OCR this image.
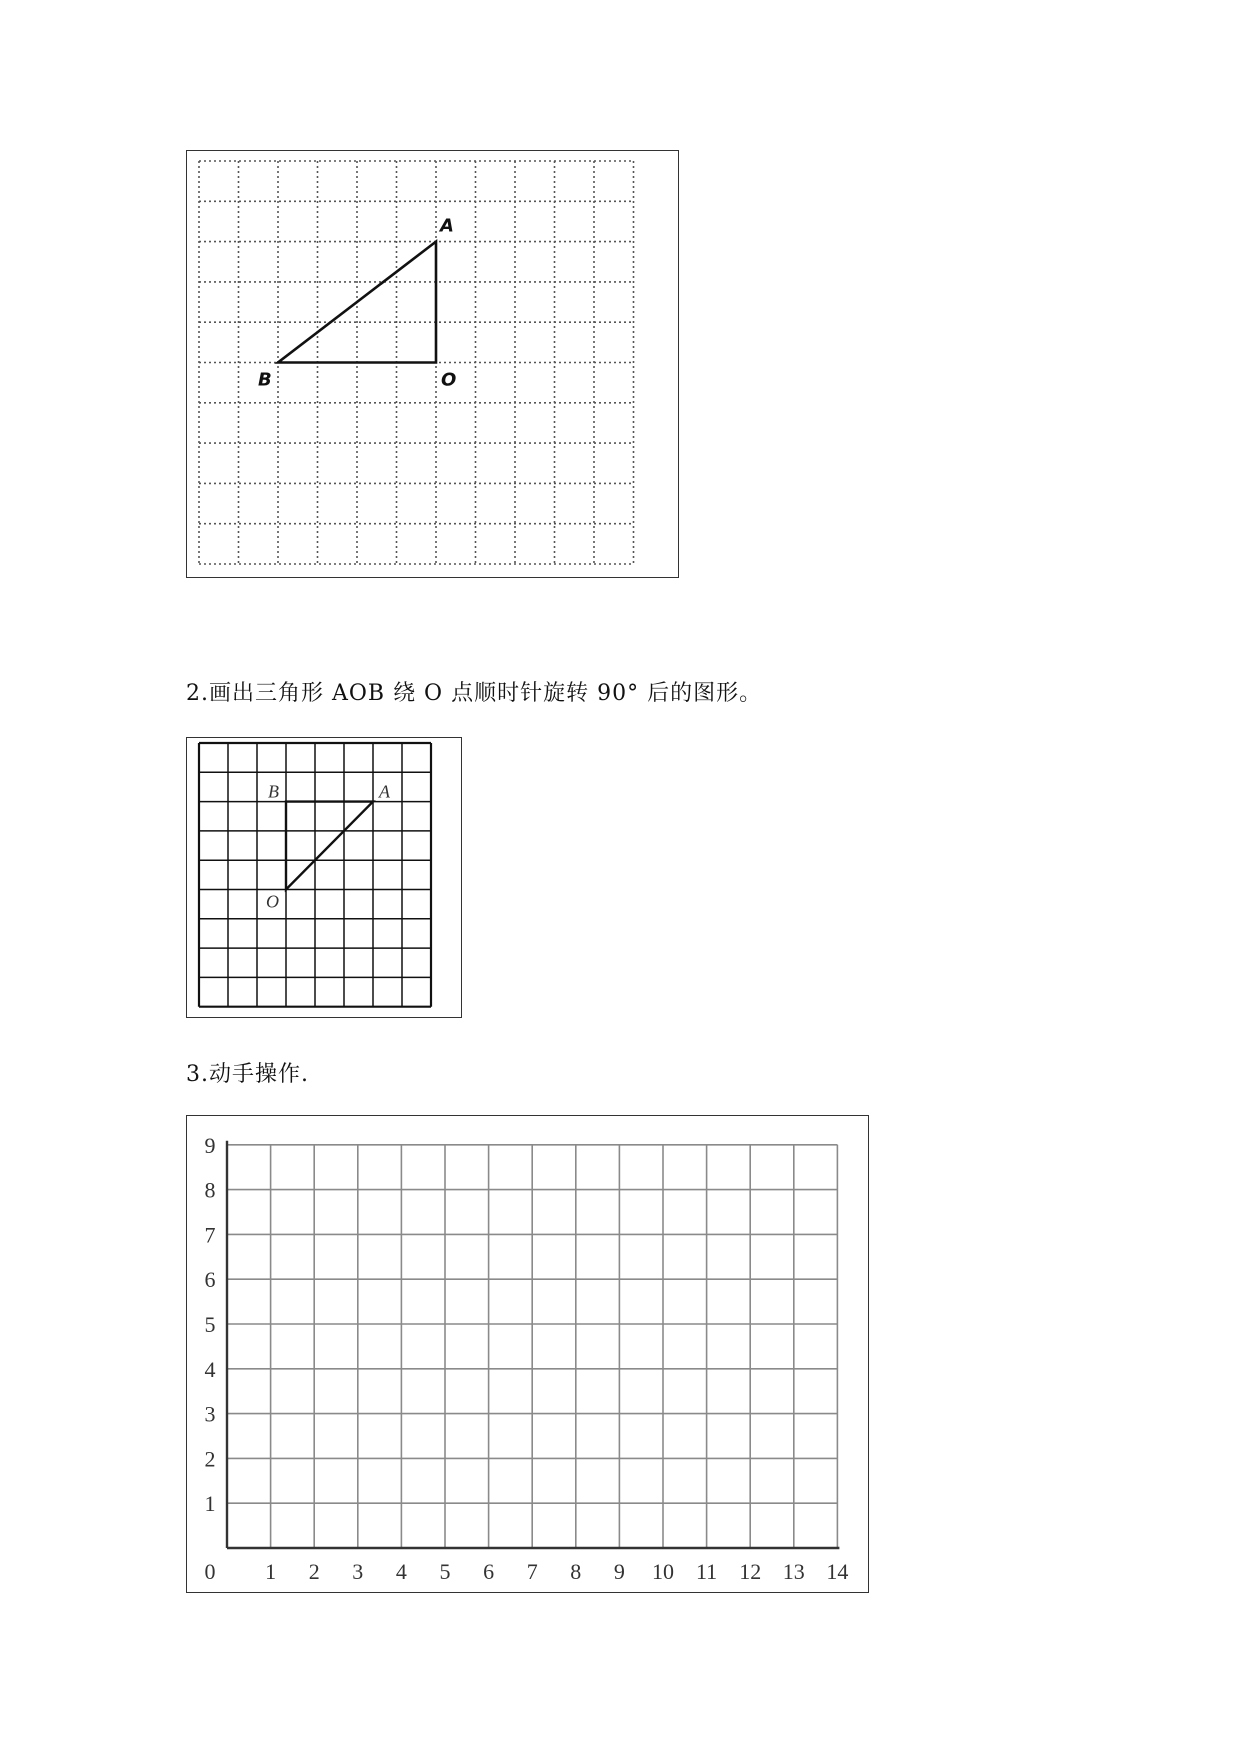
A
O
B
2.画出三角形 AOB 绕 O 点顺时针旋转 90° 后的图形。
B	A
O
3.动手操作.
0 1 2 3 4 5 6 7 8 9 10 11 12 13 14
1
2
3
4
5
6
7
8
9
